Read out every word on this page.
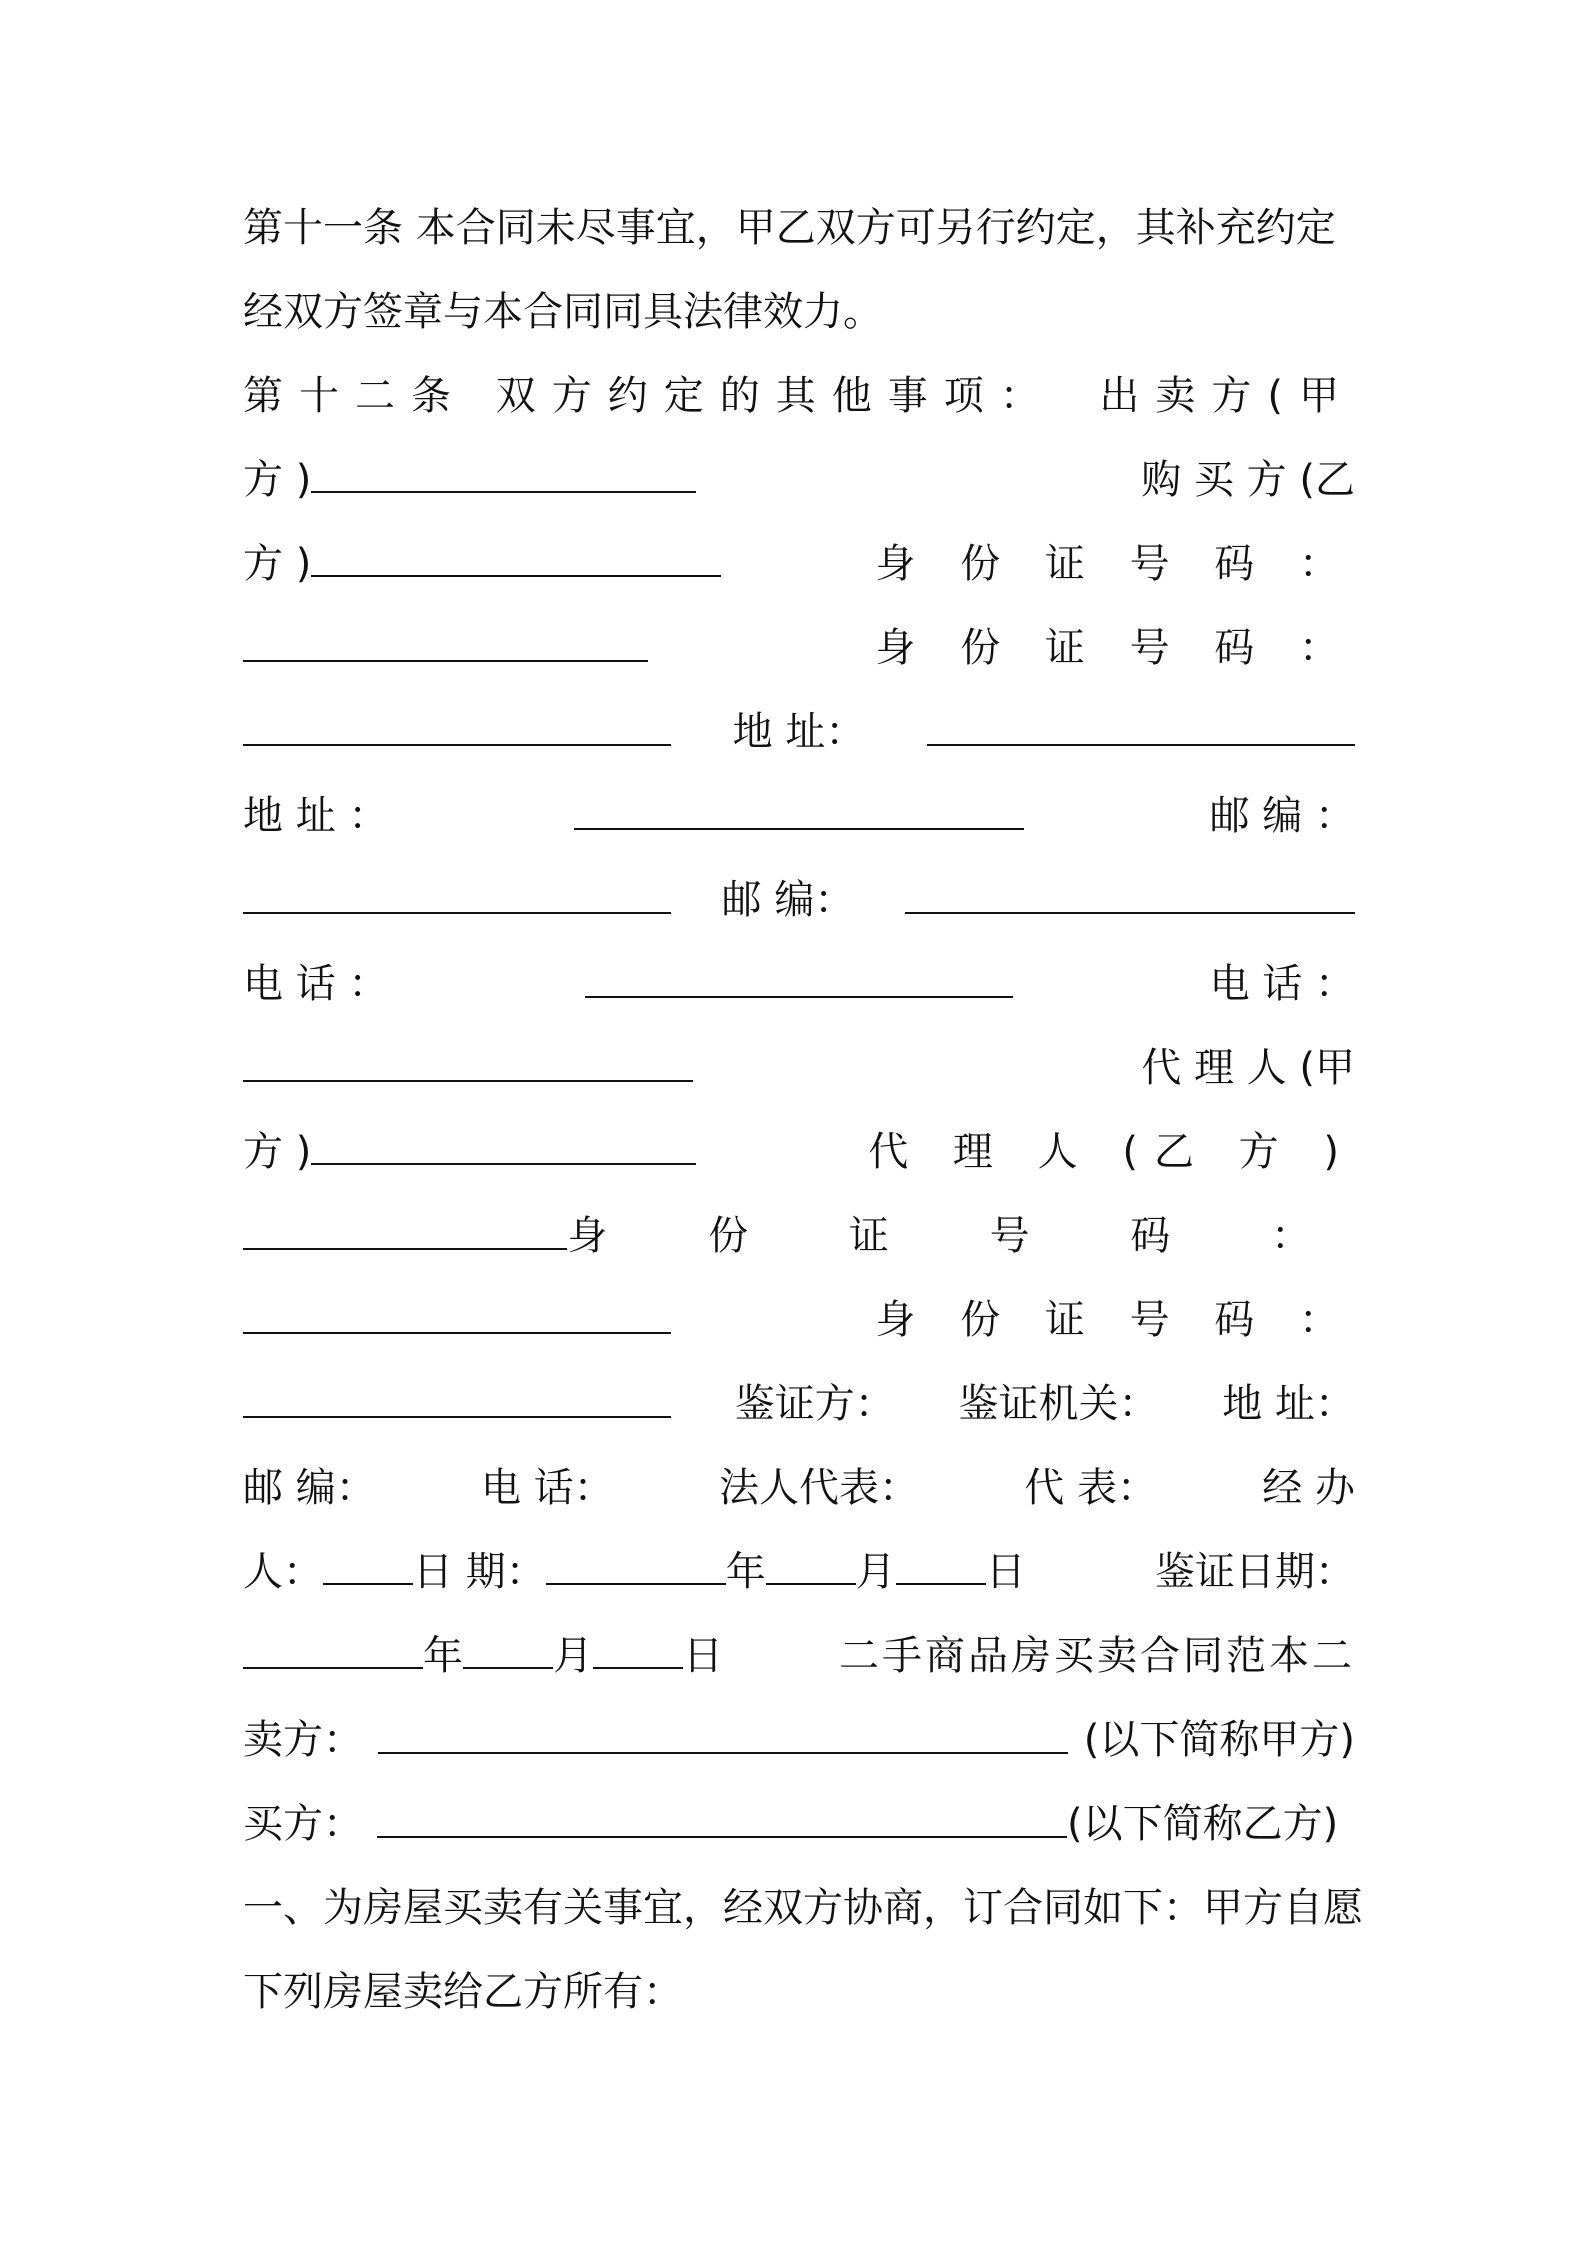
第十一条 本合同未尽事宜，甲乙双方可另行约定，其补充约定
经双方签章与本合同同具法律效力。
第十二条 双方约定的其他事项： 出卖方(甲
方 )	购 买 方 (乙
方 )	身 份 证 号 码 ：
身 份 证 号 码 ：
地 址：
地 址 ：	邮 编 ：
邮 编：
电 话 ：	电 话 ：
代 理 人 (甲
方 )	代 理 人 (乙 方 )
身 份 证 号 码 ：
身 份 证 号 码 ：
鉴证方： 鉴证机关： 地 址：
邮 编：	电 话：	法人代表：	代 表：	经 办
人： 日 期：	年 月 日	鉴证日期：
年 月 日	二手商品房买卖合同范本二
卖方：	(以下简称甲方)
买方：	(以下简称乙方)
一、为房屋买卖有关事宜，经双方协商，订合同如下：甲方自愿
下列房屋卖给乙方所有：
